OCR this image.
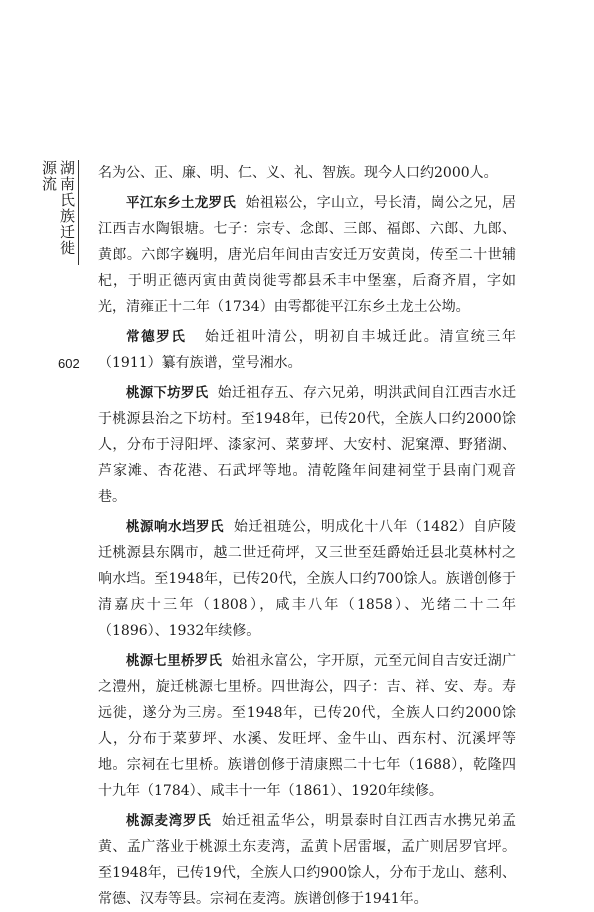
湖南氏族迁徙源流
602

名为公、正、廉、明、仁、义、礼、智族。现今人口约2000人。

平江东乡土龙罗氏 始祖崧公，字山立，号长清，崗公之兄，居江西吉水陶银塘。七子：宗专、念郎、三郎、福郎、六郎、九郎、黄郎。六郎字巍明，唐光启年间由吉安迁万安黄岗，传至二十世辅杞，于明正德丙寅由黄岗徙雩都县禾丰中堡塞，后裔齐眉，字如光，清雍正十二年（1734）由雩都徙平江东乡土龙土公坳。

常德罗氏 始迁祖叶清公，明初自丰城迁此。清宣统三年（1911）纂有族谱，堂号湘水。

桃源下坊罗氏 始迁祖存五、存六兄弟，明洪武间自江西吉水迁于桃源县治之下坊村。至1948年，已传20代，全族人口约2000馀人，分布于浔阳坪、漆家河、菜萝坪、大安村、泥窠潭、野猪湖、芦家滩、杏花港、石武坪等地。清乾隆年间建祠堂于县南门观音巷。

桃源响水垱罗氏 始迁祖琏公，明成化十八年（1482）自庐陵迁桃源县东隅市，越二世迁荷坪，又三世至廷爵始迁县北莫林村之响水垱。至1948年，已传20代，全族人口约700馀人。族谱创修于清嘉庆十三年（1808），咸丰八年（1858）、光绪二十二年（1896）、1932年续修。

桃源七里桥罗氏 始祖永富公，字开原，元至元间自吉安迁湖广之澧州，旋迁桃源七里桥。四世海公，四子：吉、祥、安、寿。寿远徙，遂分为三房。至1948年，已传20代，全族人口约2000馀人，分布于菜萝坪、水溪、发旺坪、金牛山、西东村、沉溪坪等地。宗祠在七里桥。族谱创修于清康熙二十七年（1688），乾隆四十九年（1784）、咸丰十一年（1861）、1920年续修。

桃源麦湾罗氏 始迁祖孟华公，明景泰时自江西吉水携兄弟孟黄、孟广落业于桃源土东麦湾，孟黄卜居雷堰，孟广则居罗官坪。至1948年，已传19代，全族人口约900馀人，分布于龙山、慈利、常德、汉寿等县。宗祠在麦湾。族谱创修于1941年。
